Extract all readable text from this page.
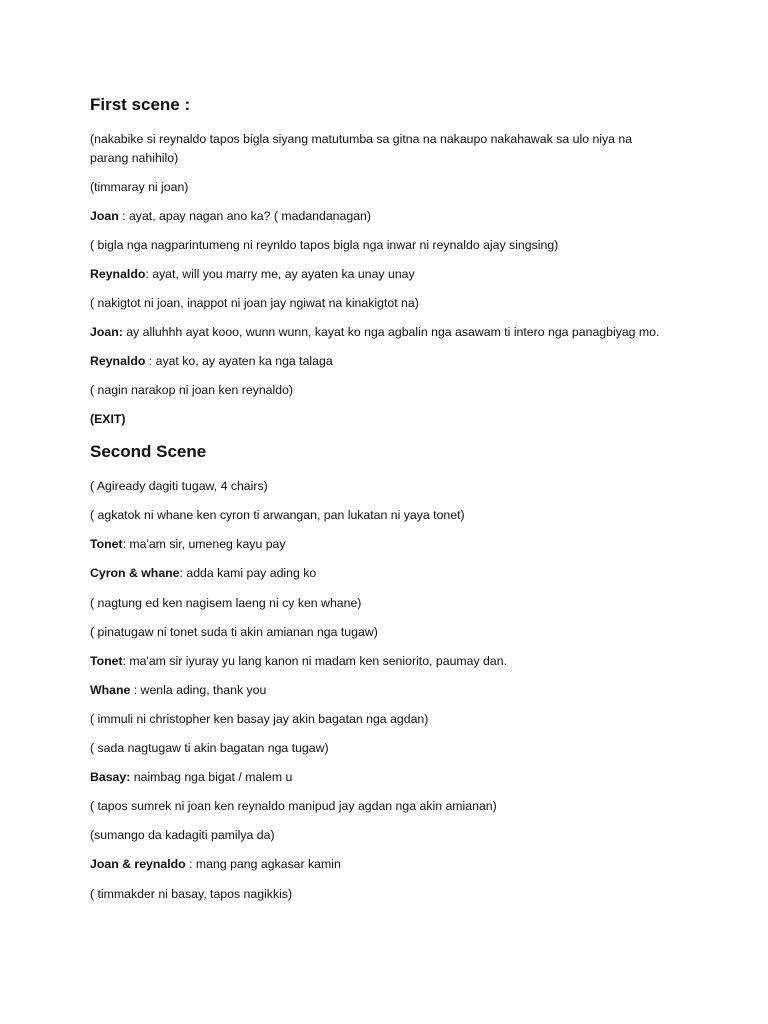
First scene :

(nakabike si reynaldo tapos bigla siyang matutumba sa gitna na nakaupo nakahawak sa ulo niya na parang nahihilo)

(timmaray ni joan)

Joan : ayat, apay nagan ano ka? ( madandanagan)

( bigla nga nagparintumeng ni reynldo tapos bigla nga inwar ni reynaldo ajay singsing)

Reynaldo: ayat, will you marry me, ay ayaten ka unay unay

( nakigtot ni joan, inappot ni joan jay ngiwat na kinakigtot na)

Joan: ay alluhhh ayat kooo, wunn wunn, kayat ko nga agbalin nga asawam ti intero nga panagbiyag mo.

Reynaldo : ayat ko, ay ayaten ka nga talaga

( nagin narakop ni joan ken reynaldo)

(EXIT)

Second Scene

( Agiready dagiti tugaw, 4 chairs)

( agkatok ni whane ken cyron ti arwangan, pan lukatan ni yaya tonet)

Tonet: ma'am sir, umeneg kayu pay

Cyron & whane: adda kami pay ading ko

( nagtung ed ken nagisem laeng ni cy ken whane)

( pinatugaw ni tonet suda ti akin amianan nga tugaw)

Tonet: ma'am sir iyuray yu lang kanon ni madam ken seniorito, paumay dan.

Whane : wenla ading, thank you

( immuli ni christopher ken basay jay akin bagatan nga agdan)

( sada nagtugaw ti akin bagatan nga tugaw)

Basay: naimbag nga bigat / malem u

( tapos sumrek ni joan ken reynaldo manipud jay agdan nga akin amianan)

(sumango da kadagiti pamilya da)

Joan & reynaldo : mang pang agkasar kamin

( timmakder ni basay, tapos nagikkis)
